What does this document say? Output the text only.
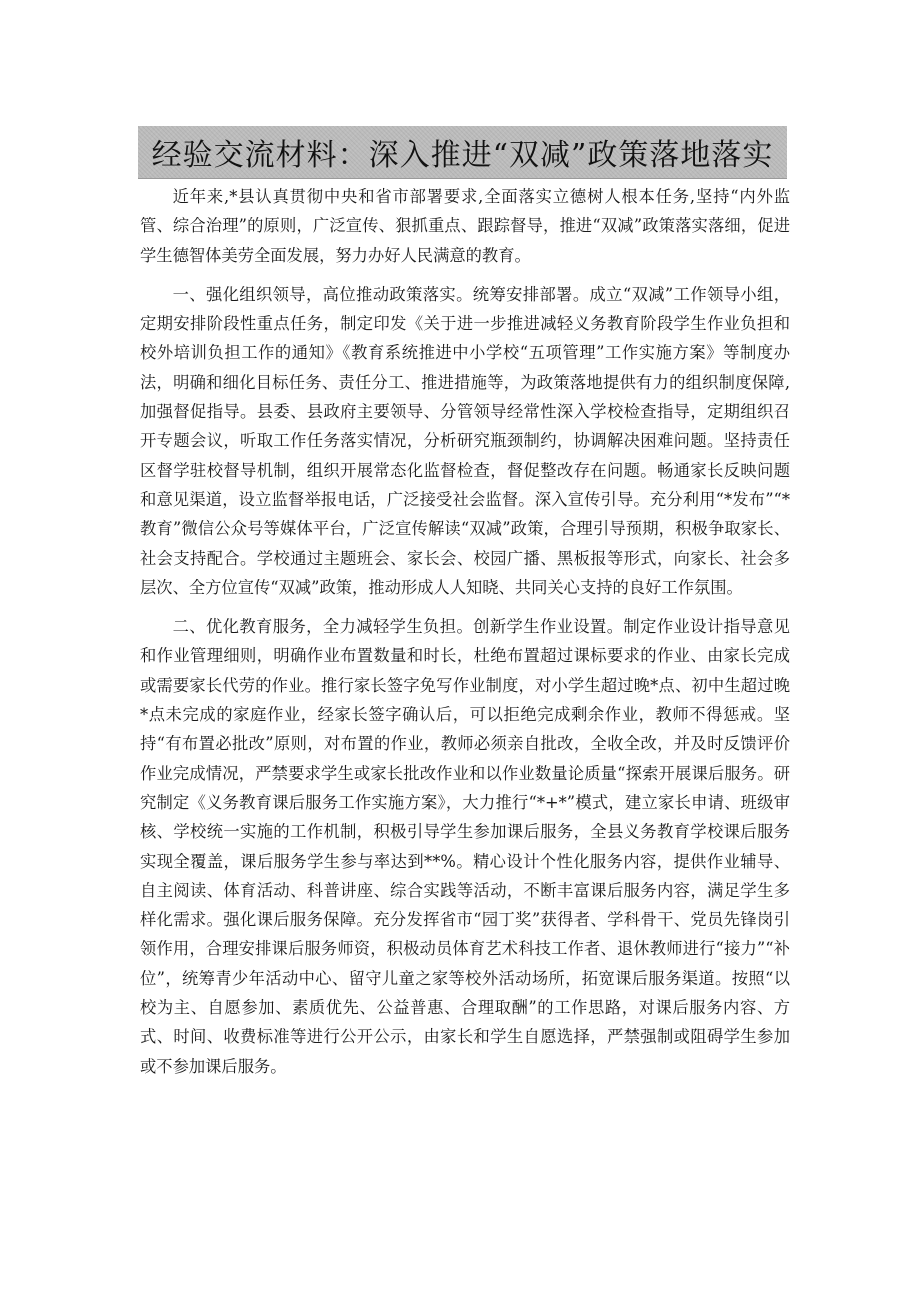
经验交流材料：深入推进“双减”政策落地落实

近年来,*县认真贯彻中央和省市部署要求,全面落实立德树人根本任务,坚持“内外监管、综合治理”的原则，广泛宣传、狠抓重点、跟踪督导，推进“双减”政策落实落细，促进学生德智体美劳全面发展，努力办好人民满意的教育。

一、强化组织领导，高位推动政策落实。统筹安排部署。成立“双减”工作领导小组，定期安排阶段性重点任务，制定印发《关于进一步推进减轻义务教育阶段学生作业负担和校外培训负担工作的通知》《教育系统推进中小学校“五项管理”工作实施方案》等制度办法，明确和细化目标任务、责任分工、推进措施等，为政策落地提供有力的组织制度保障,加强督促指导。县委、县政府主要领导、分管领导经常性深入学校检查指导，定期组织召开专题会议，听取工作任务落实情况，分析研究瓶颈制约，协调解决困难问题。坚持责任区督学驻校督导机制，组织开展常态化监督检查，督促整改存在问题。畅通家长反映问题和意见渠道，设立监督举报电话，广泛接受社会监督。深入宣传引导。充分利用“*发布”“*教育”微信公众号等媒体平台，广泛宣传解读“双减”政策，合理引导预期，积极争取家长、社会支持配合。学校通过主题班会、家长会、校园广播、黑板报等形式，向家长、社会多层次、全方位宣传“双减”政策，推动形成人人知晓、共同关心支持的良好工作氛围。

二、优化教育服务，全力减轻学生负担。创新学生作业设置。制定作业设计指导意见和作业管理细则，明确作业布置数量和时长，杜绝布置超过课标要求的作业、由家长完成或需要家长代劳的作业。推行家长签字免写作业制度，对小学生超过晚*点、初中生超过晚*点未完成的家庭作业，经家长签字确认后，可以拒绝完成剩余作业，教师不得惩戒。坚持“有布置必批改”原则，对布置的作业，教师必须亲自批改，全收全改，并及时反馈评价作业完成情况，严禁要求学生或家长批改作业和以作业数量论质量“探索开展课后服务。研究制定《义务教育课后服务工作实施方案》，大力推行“*+*”模式，建立家长申请、班级审核、学校统一实施的工作机制，积极引导学生参加课后服务，全县义务教育学校课后服务实现全覆盖，课后服务学生参与率达到**%。精心设计个性化服务内容，提供作业辅导、自主阅读、体育活动、科普讲座、综合实践等活动，不断丰富课后服务内容，满足学生多样化需求。强化课后服务保障。充分发挥省市“园丁奖”获得者、学科骨干、党员先锋岗引领作用，合理安排课后服务师资，积极动员体育艺术科技工作者、退休教师进行“接力”“补位”，统筹青少年活动中心、留守儿童之家等校外活动场所，拓宽课后服务渠道。按照“以校为主、自愿参加、素质优先、公益普惠、合理取酬”的工作思路，对课后服务内容、方式、时间、收费标准等进行公开公示，由家长和学生自愿选择，严禁强制或阻碍学生参加或不参加课后服务。
